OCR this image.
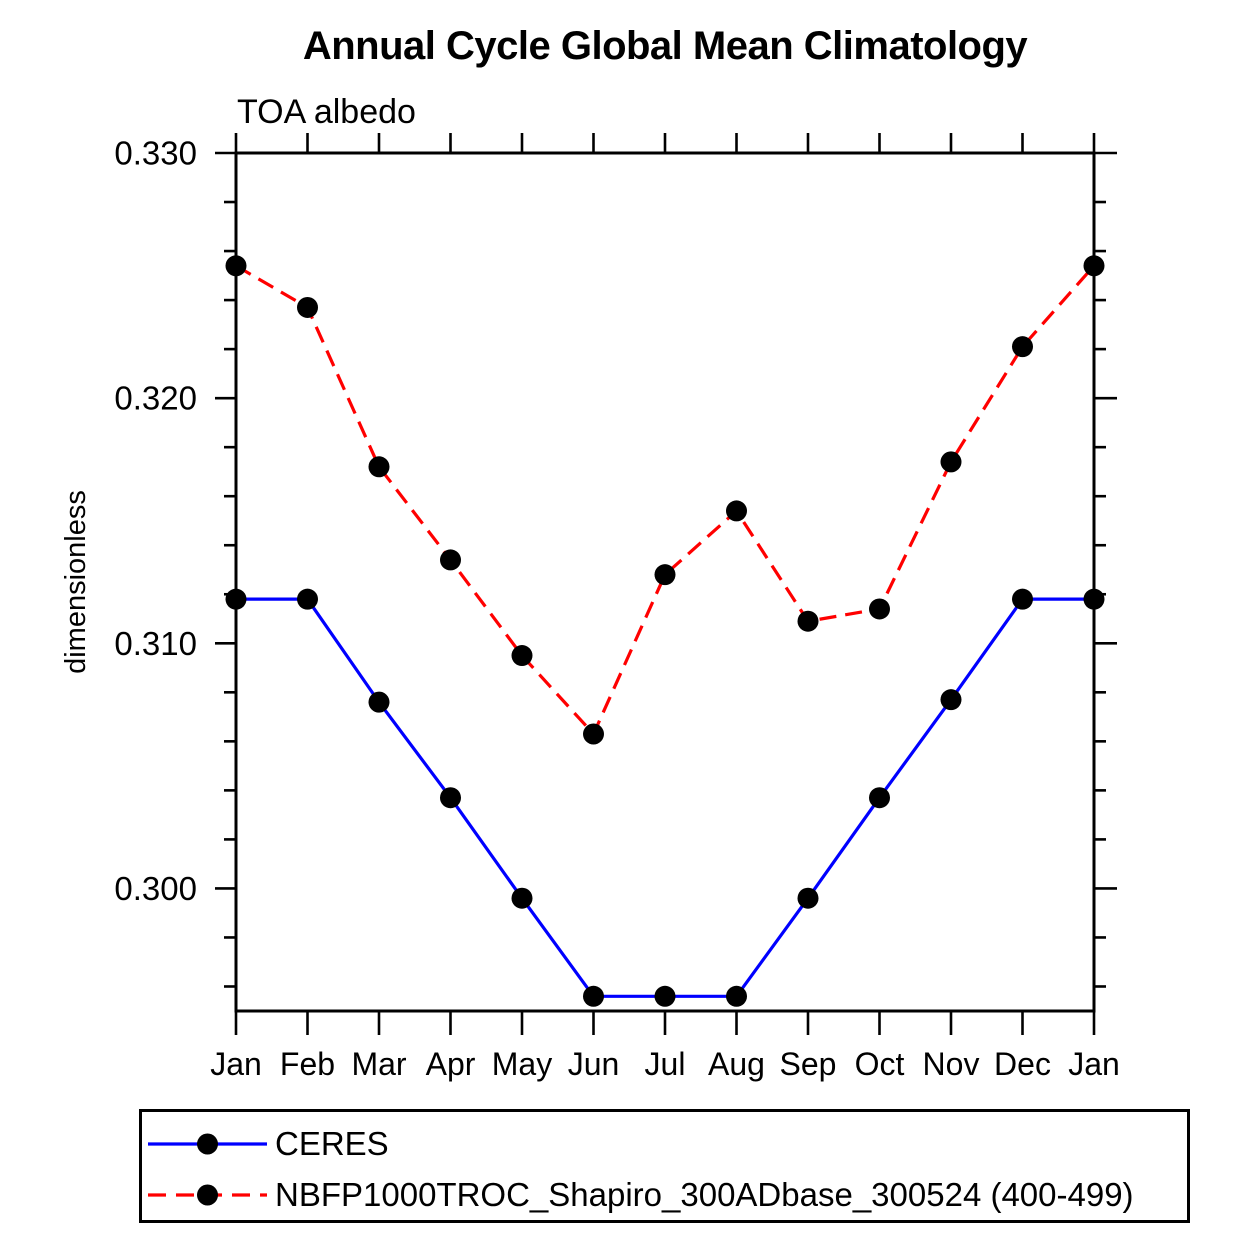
0.300
0.310
0.320
0.330
Jan Feb Mar Apr May Jun Jul Aug Sep Oct Nov Dec Jan
Annual Cycle Global Mean Climatology
TOA albedo
dimensionless
CERES
NBFP1000TROC_Shapiro_300ADbase_300524 (400-499)
